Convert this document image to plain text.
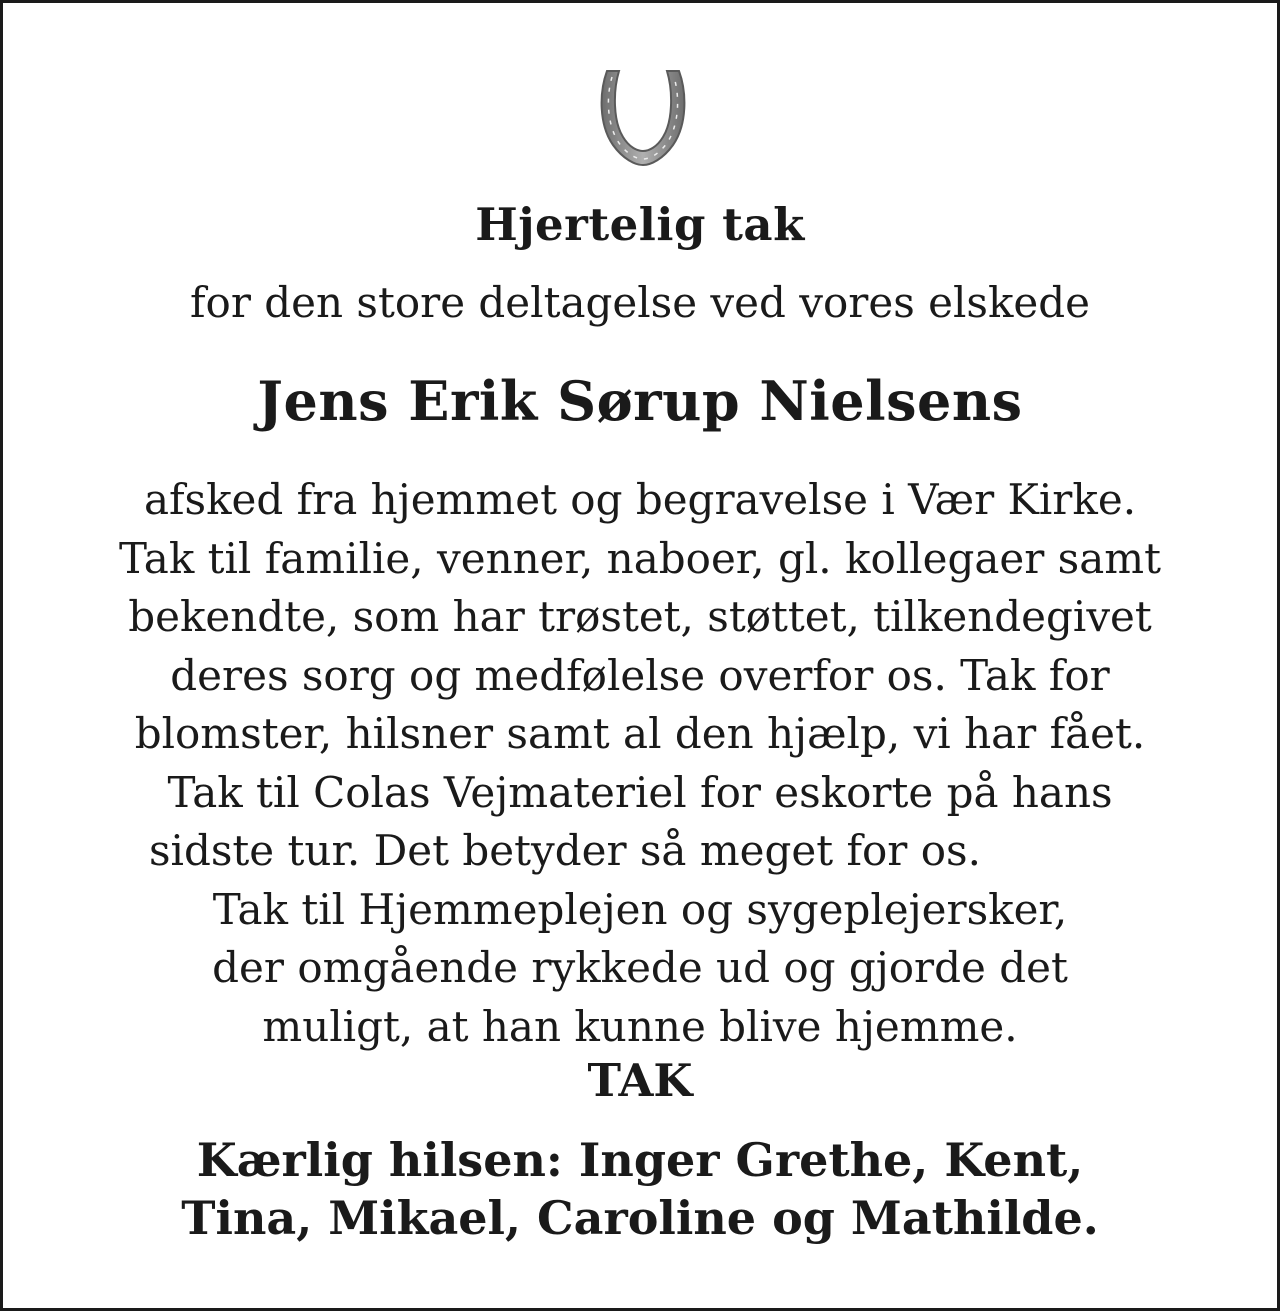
Hjertelig tak
for den store deltagelse ved vores elskede
Jens Erik Sørup Nielsens
afsked fra hjemmet og begravelse i Vær Kirke.
Tak til familie, venner, naboer, gl. kollegaer samt
bekendte, som har trøstet, støttet, tilkendegivet
deres sorg og medfølelse overfor os. Tak for
blomster, hilsner samt al den hjælp, vi har fået.
Tak til Colas Vejmateriel for eskorte på hans
sidste tur. Det betyder så meget for os.
Tak til Hjemmeplejen og sygeplejersker,
der omgående rykkede ud og gjorde det
muligt, at han kunne blive hjemme.
TAK
Kærlig hilsen: Inger Grethe, Kent,
Tina, Mikael, Caroline og Mathilde.
